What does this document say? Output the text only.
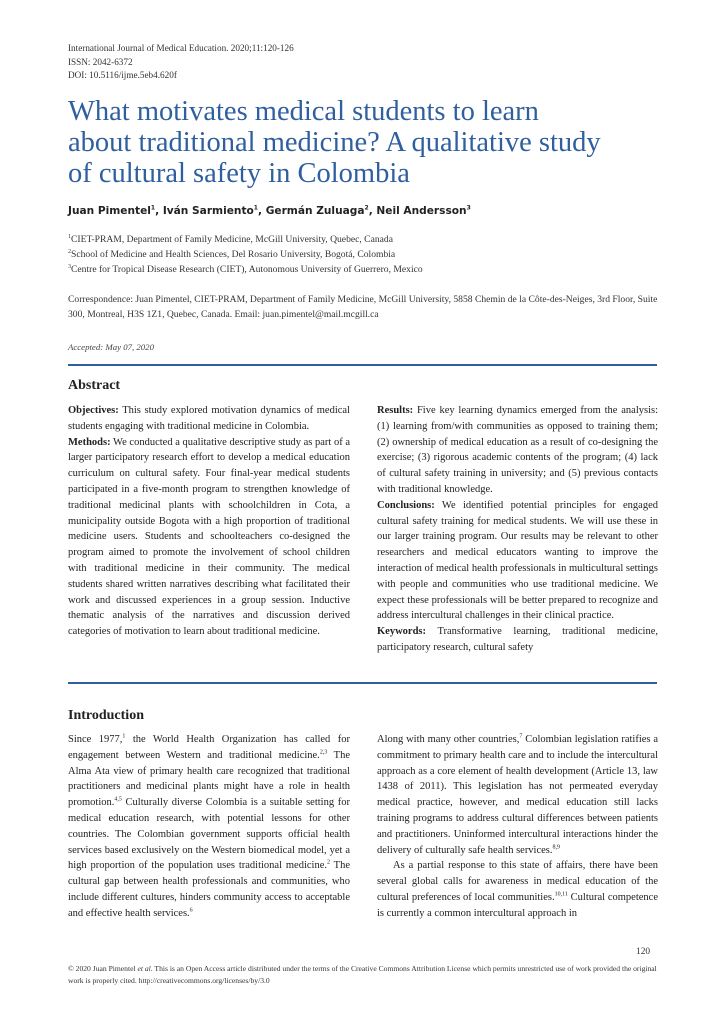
International Journal of Medical Education. 2020;11:120-126
ISSN: 2042-6372
DOI: 10.5116/ijme.5eb4.620f
What motivates medical students to learn
about traditional medicine? A qualitative study
of cultural safety in Colombia
Juan Pimentel$^1$, Iván Sarmiento$^1$, Germán Zuluaga$^2$, Neil Andersson$^3$
$^1$CIET-PRAM, Department of Family Medicine, McGill University, Quebec, Canada
$^2$School of Medicine and Health Sciences, Del Rosario University, Bogotá, Colombia
$^3$Centre for Tropical Disease Research (CIET), Autonomous University of Guerrero, Mexico
Correspondence: Juan Pimentel, CIET-PRAM, Department of Family Medicine, McGill University, 5858 Chemin de la Côte-des-Neiges, 3rd Floor, Suite 300, Montreal, H3S 1Z1, Quebec, Canada. Email: juan.pimentel@mail.mcgill.ca
Accepted: May 07, 2020
Abstract

Objectives: This study explored motivation dynamics of medical students engaging with traditional medicine in Colombia.

Methods: We conducted a qualitative descriptive study as part of a larger participatory research effort to develop a medical education curriculum on cultural safety. Four final-year medical students participated in a five-month program to strengthen knowledge of traditional medicinal plants with schoolchildren in Cota, a municipality outside Bogota with a high proportion of traditional medicine users. Students and schoolteachers co-designed the program aimed to promote the involvement of school children with traditional medicine in their community. The medical students shared written narratives describing what facilitated their work and discussed experiences in a group session. Inductive thematic analysis of the narratives and discussion derived categories of motivation to learn about traditional medicine.

Results: Five key learning dynamics emerged from the analysis: (1) learning from/with communities as opposed to training them; (2) ownership of medical education as a result of co-designing the exercise; (3) rigorous academic contents of the program; (4) lack of cultural safety training in university; and (5) previous contacts with traditional knowledge.

Conclusions: We identified potential principles for engaged cultural safety training for medical students. We will use these in our larger training program. Our results may be relevant to other researchers and medical educators wanting to improve the interaction of medical health professionals in multicultural settings with people and communities who use traditional medicine. We expect these professionals will be better prepared to recognize and address intercultural challenges in their clinical practice.

Keywords: Transformative learning, traditional medicine, participatory research, cultural safety

Introduction

Since 1977,$^1$ the World Health Organization has called for engagement between Western and traditional medicine.$^{2,3}$ The Alma Ata view of primary health care recognized that traditional practitioners and medicinal plants might have a role in health promotion.$^{4,5}$ Culturally diverse Colombia is a suitable setting for medical education research, with potential lessons for other countries. The Colombian government supports official health services based exclusively on the Western biomedical model, yet a high proportion of the population uses traditional medicine.$^2$ The cultural gap between health professionals and communities, who include different cultures, hinders community access to acceptable and effective health services.$^6$

Along with many other countries,$^7$ Colombian legislation ratifies a commitment to primary health care and to include the intercultural approach as a core element of health development (Article 13, law 1438 of 2011). This legislation has not permeated everyday medical practice, however, and medical education still lacks training programs to address cultural differences between patients and practitioners. Uninformed intercultural interactions hinder the delivery of culturally safe health services.$^{8,9}$

As a partial response to this state of affairs, there have been several global calls for awareness in medical education of the cultural preferences of local communities.$^{10,11}$ Cultural competence is currently a common intercultural approach in

120
© 2020 Juan Pimentel et al. This is an Open Access article distributed under the terms of the Creative Commons Attribution License which permits unrestricted use of work provided the original work is properly cited. http://creativecommons.org/licenses/by/3.0
